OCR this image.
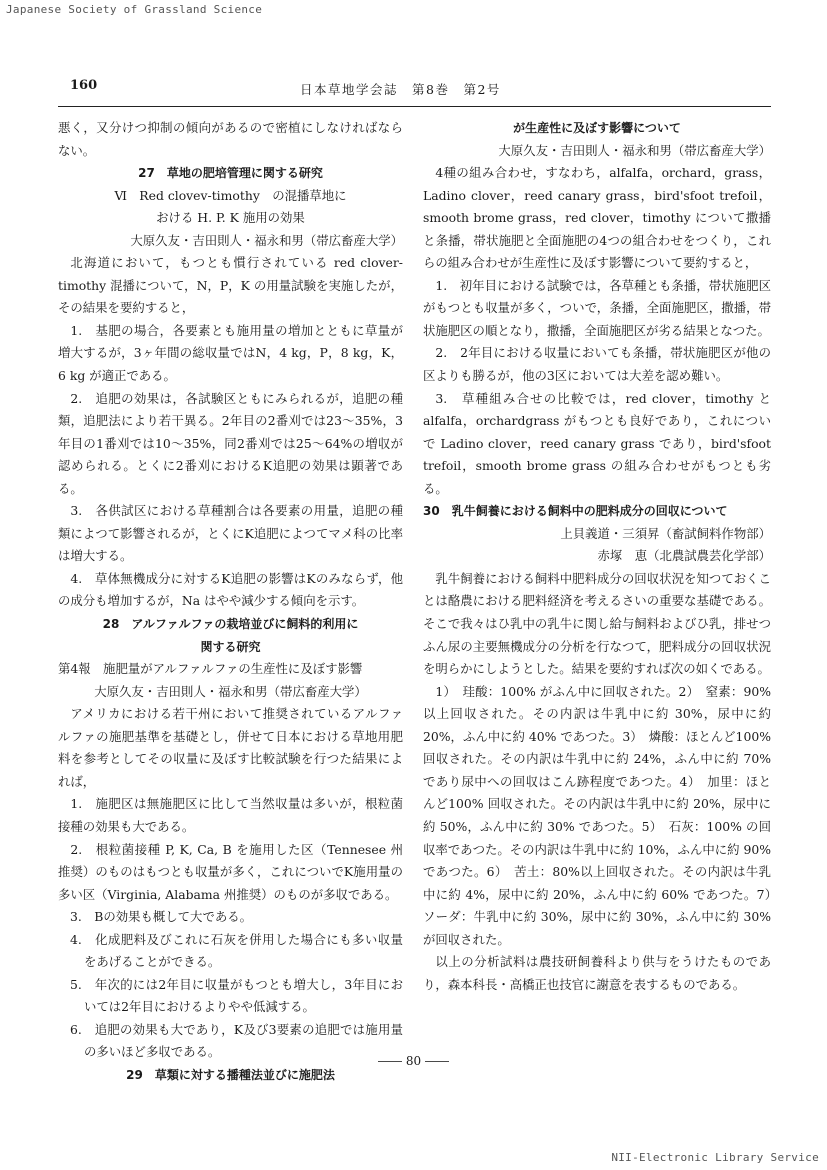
Japanese Society of Grassland Science
160	日本草地学会誌　第8巻　第2号

悪く，又分けつ抑制の傾向があるので密植にしなければならない。

27　草地の肥培管理に関する研究

Ⅵ　Red clovev-timothy　の混播草地に

おける H. P. K 施用の効果

大原久友・吉田則人・福永和男（帯広畜産大学）

北海道において，もつとも慣行されている red clover-timothy 混播について，N，P，K の用量試験を実施したが，その結果を要約すると，

1.　基肥の場合，各要素とも施用量の増加とともに草量が増大するが，3ヶ年間の総収量ではN，4 kg，P，8 kg，K，6 kg が適正である。

2.　追肥の効果は，各試験区ともにみられるが，追肥の種類，追肥法により若干異る。2年目の2番刈では23～35%，3年目の1番刈では10～35%，同2番刈では25～64%の増収が認められる。とくに2番刈におけるK追肥の効果は顕著である。

3.　各供試区における草種割合は各要素の用量，追肥の種類によつて影響されるが，とくにK追肥によつてマメ科の比率は増大する。

4.　草体無機成分に対するK追肥の影響はKのみならず，他の成分も増加するが，Na はやや減少する傾向を示す。

28　アルファルファの栽培並びに飼料的利用に

関する研究

第4報　施肥量がアルファルファの生産性に及ぼす影響

大原久友・吉田則人・福永和男（帯広畜産大学）

アメリカにおける若干州において推奨されているアルファルファの施肥基準を基礎とし，併せて日本における草地用肥料を参考としてその収量に及ぼす比較試験を行つた結果によれば，

1.　施肥区は無施肥区に比して当然収量は多いが，根粒菌接種の効果も大である。

2.　根粒菌接種 P, K, Ca, B を施用した区（Tennesee 州推奨）のものはもつとも収量が多く，これについでK施用量の多い区（Virginia, Alabama 州推奨）のものが多収である。

3.　Bの効果も概して大である。

4.　化成肥料及びこれに石灰を併用した場合にも多い収量をあげることができる。

5.　年次的には2年目に収量がもつとも増大し，3年目においては2年目におけるよりやや低減する。

6.　追肥の効果も大であり，K及び3要素の追肥では施用量の多いほど多収である。

29　草類に対する播種法並びに施肥法

が生産性に及ぼす影響について

大原久友・吉田則人・福永和男（帯広畜産大学）

4種の組み合わせ，すなわち，alfalfa，orchard，grass，Ladino clover，reed canary grass，bird'sfoot trefoil，smooth brome grass，red clover，timothy について撒播と条播，帯状施肥と全面施肥の4つの組合わせをつくり，これらの組み合わせが生産性に及ぼす影響について要約すると，

1.　初年目における試験では，各草種とも条播，帯状施肥区がもつとも収量が多く，ついで，条播，全面施肥区，撒播，帯状施肥区の順となり，撒播，全面施肥区が劣る結果となつた。

2.　2年目における収量においても条播，帯状施肥区が他の区よりも勝るが，他の3区においては大差を認め難い。

3.　草種組み合せの比較では，red clover，timothy と alfalfa，orchardgrass がもつとも良好であり，これについで Ladino clover，reed canary grass であり，bird'sfoot trefoil，smooth brome grass の組み合わせがもつとも劣る。

30　乳牛飼養における飼料中の肥料成分の回収について

上貝義道・三須昇（畜試飼料作物部）

赤塚　恵（北農試農芸化学部）

乳牛飼養における飼料中肥料成分の回収状況を知つておくことは酪農における肥料経済を考えるさいの重要な基礎である。そこで我々はひ乳中の乳牛に関し給与飼料およびひ乳，排せつふん尿の主要無機成分の分析を行なつて，肥料成分の回収状況を明らかにしようとした。結果を要約すれば次の如くである。

1）　珪酸：100% がふん中に回収された。2）　窒素：90%以上回収された。その内訳は牛乳中に約 30%，尿中に約 20%，ふん中に約 40% であつた。3）　燐酸：ほとんど100%回収された。その内訳は牛乳中に約 24%，ふん中に約 70% であり尿中への回収はこん跡程度であつた。4）　加里：ほとんど100% 回収された。その内訳は牛乳中に約 20%，尿中に約 50%，ふん中に約 30% であつた。5）　石灰：100% の回収率であつた。その内訳は牛乳中に約 10%，ふん中に約 90% であつた。6）　苦土：80%以上回収された。その内訳は牛乳中に約 4%，尿中に約 20%，ふん中に約 60% であつた。7）　ソーダ：牛乳中に約 30%，尿中に約 30%，ふん中に約 30% が回収された。

以上の分析試料は農技研飼養科より供与をうけたものであり，森本科長・高橋正也技官に謝意を表するものである。

―― 80 ――
NII-Electronic Library Service
